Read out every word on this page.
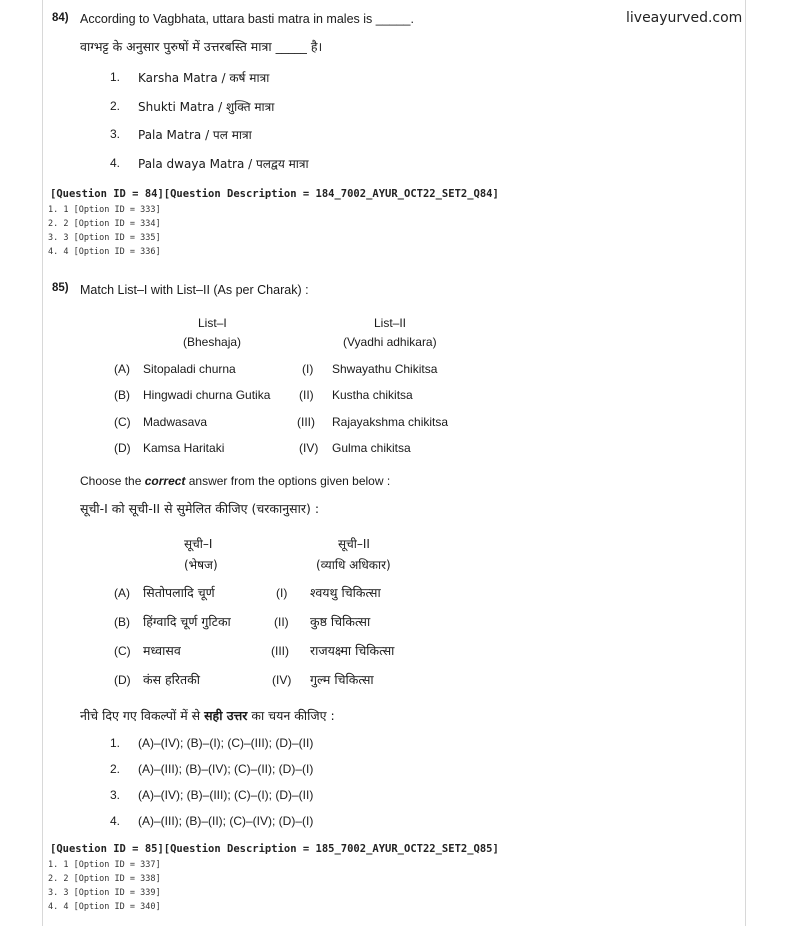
liveayurved.com
84) According to Vagbhata, uttara basti matra in males is _____.
वाग्भट्ट के अनुसार पुरुषों में उत्तरबस्ति मात्रा _____ है।
1. Karsha Matra / कर्ष मात्रा
2. Shukti Matra / शुक्ति मात्रा
3. Pala Matra / पल मात्रा
4. Pala dwaya Matra / पलद्वय मात्रा
[Question ID = 84][Question Description = 184_7002_AYUR_OCT22_SET2_Q84]
1. 1 [Option ID = 333]
2. 2 [Option ID = 334]
3. 3 [Option ID = 335]
4. 4 [Option ID = 336]
85) Match List–I with List–II (As per Charak) :
List–I
(Bheshaja)
List–II
(Vyadhi adhikara)
(A) Sitopaladi churna	(I) Shwayathu Chikitsa
(B) Hingwadi churna Gutika (II) Kustha chikitsa
(C) Madwasava	(III) Rajayakshma chikitsa
(D) Kamsa Haritaki	(IV) Gulma chikitsa
Choose the correct answer from the options given below :
सूची-I को सूची-II से सुमेलित कीजिए (चरकानुसार) :
सूची–I
(भेषज)
सूची–II
(व्याधि अधिकार)
(A) सितोपलादि चूर्ण	(I) श्वयथु चिकित्सा
(B) हिंग्वादि चूर्ण गुटिका	(II) कुष्ठ चिकित्सा
(C) मध्वासव	(III) राजयक्ष्मा चिकित्सा
(D) कंस हरितकी	(IV) गुल्म चिकित्सा
नीचे दिए गए विकल्पों में से सही उत्तर का चयन कीजिए :
1. (A)–(IV); (B)–(I); (C)–(III); (D)–(II)
2. (A)–(III); (B)–(IV); (C)–(II); (D)–(I)
3. (A)–(IV); (B)–(III); (C)–(I); (D)–(II)
4. (A)–(III); (B)–(II); (C)–(IV); (D)–(I)
[Question ID = 85][Question Description = 185_7002_AYUR_OCT22_SET2_Q85]
1. 1 [Option ID = 337]
2. 2 [Option ID = 338]
3. 3 [Option ID = 339]
4. 4 [Option ID = 340]
